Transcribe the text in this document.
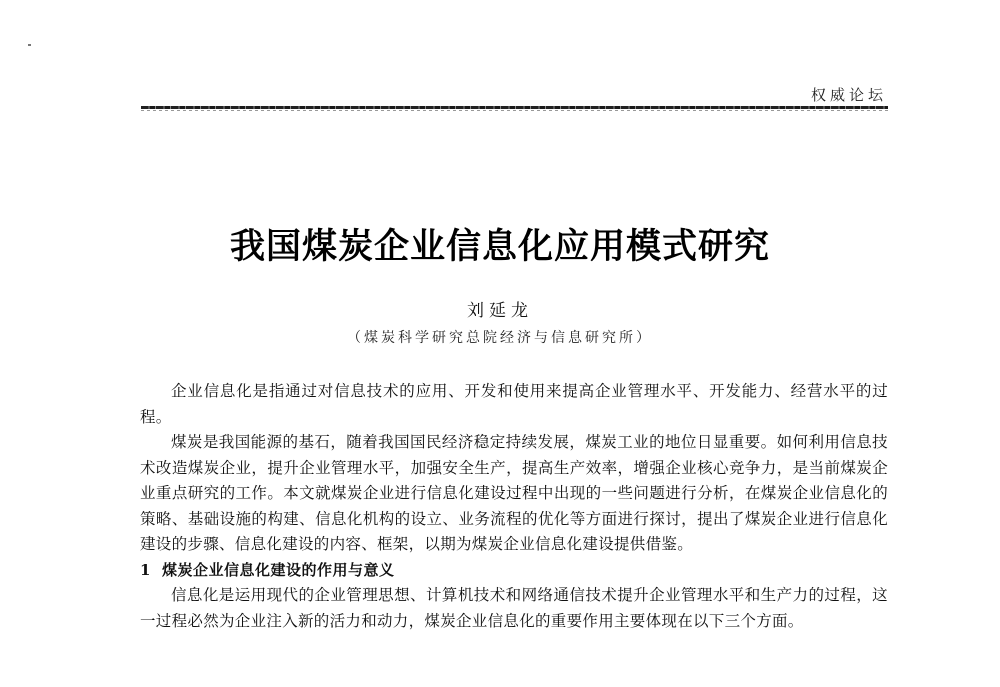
权威论坛
我国煤炭企业信息化应用模式研究
刘延龙
（煤炭科学研究总院经济与信息研究所）

企业信息化是指通过对信息技术的应用、开发和使用来提高企业管理水平、开发能力、经营水平的过程。

煤炭是我国能源的基石，随着我国国民经济稳定持续发展，煤炭工业的地位日显重要。如何利用信息技术改造煤炭企业，提升企业管理水平，加强安全生产，提高生产效率，增强企业核心竞争力，是当前煤炭企业重点研究的工作。本文就煤炭企业进行信息化建设过程中出现的一些问题进行分析，在煤炭企业信息化的策略、基础设施的构建、信息化机构的设立、业务流程的优化等方面进行探讨，提出了煤炭企业进行信息化建设的步骤、信息化建设的内容、框架，以期为煤炭企业信息化建设提供借鉴。

1 煤炭企业信息化建设的作用与意义

信息化是运用现代的企业管理思想、计算机技术和网络通信技术提升企业管理水平和生产力的过程，这一过程必然为企业注入新的活力和动力，煤炭企业信息化的重要作用主要体现在以下三个方面。
